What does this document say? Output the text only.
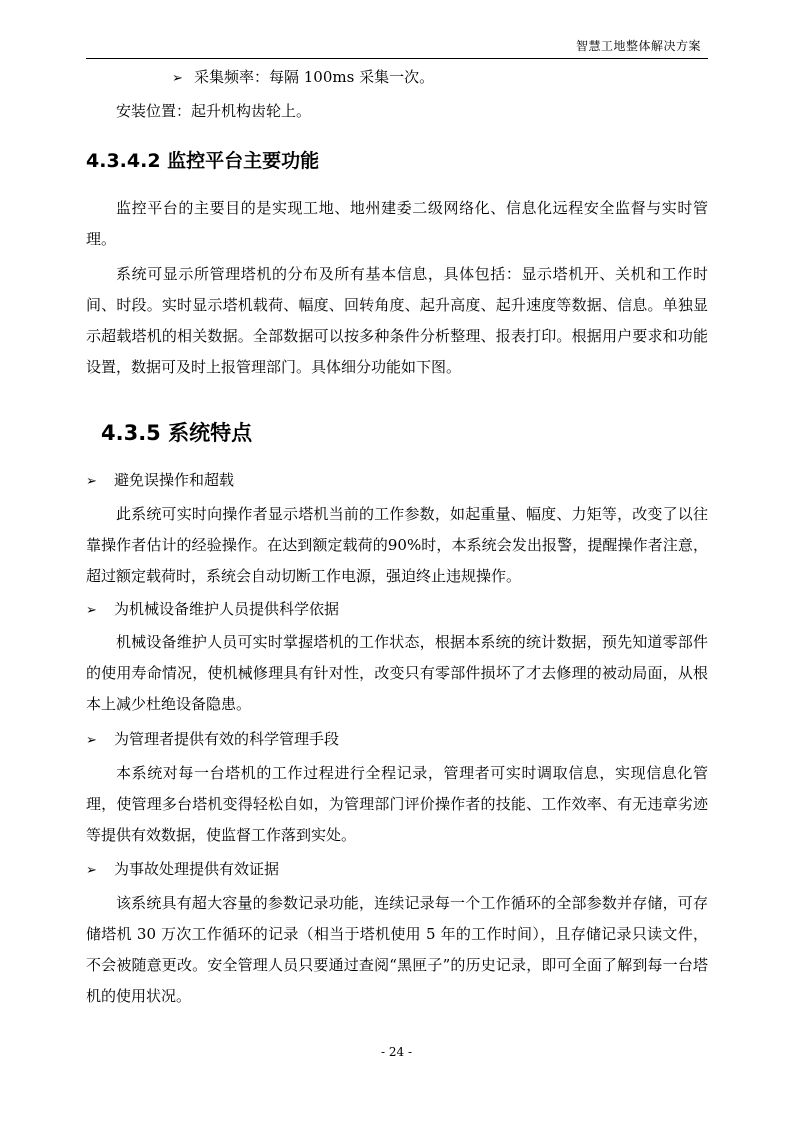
智慧工地整体解决方案
➢ 采集频率：每隔 100ms 采集一次。
安装位置：起升机构齿轮上。
4.3.4.2 监控平台主要功能
监控平台的主要目的是实现工地、地州建委二级网络化、信息化远程安全监督与实时管理。
系统可显示所管理塔机的分布及所有基本信息，具体包括：显示塔机开、关机和工作时间、时段。实时显示塔机载荷、幅度、回转角度、起升高度、起升速度等数据、信息。单独显示超载塔机的相关数据。全部数据可以按多种条件分析整理、报表打印。根据用户要求和功能设置，数据可及时上报管理部门。具体细分功能如下图。
4.3.5 系统特点
➢ 避免误操作和超载
此系统可实时向操作者显示塔机当前的工作参数，如起重量、幅度、力矩等，改变了以往靠操作者估计的经验操作。在达到额定载荷的90%时，本系统会发出报警，提醒操作者注意，超过额定载荷时，系统会自动切断工作电源，强迫终止违规操作。
➢ 为机械设备维护人员提供科学依据
机械设备维护人员可实时掌握塔机的工作状态，根据本系统的统计数据，预先知道零部件的使用寿命情况，使机械修理具有针对性，改变只有零部件损坏了才去修理的被动局面，从根本上减少杜绝设备隐患。
➢ 为管理者提供有效的科学管理手段
本系统对每一台塔机的工作过程进行全程记录，管理者可实时调取信息，实现信息化管理，使管理多台塔机变得轻松自如，为管理部门评价操作者的技能、工作效率、有无违章劣迹等提供有效数据，使监督工作落到实处。
➢ 为事故处理提供有效证据
该系统具有超大容量的参数记录功能，连续记录每一个工作循环的全部参数并存储，可存储塔机 30 万次工作循环的记录（相当于塔机使用 5 年的工作时间），且存储记录只读文件，不会被随意更改。安全管理人员只要通过查阅“黑匣子”的历史记录，即可全面了解到每一台塔机的使用状况。
- 24 -
